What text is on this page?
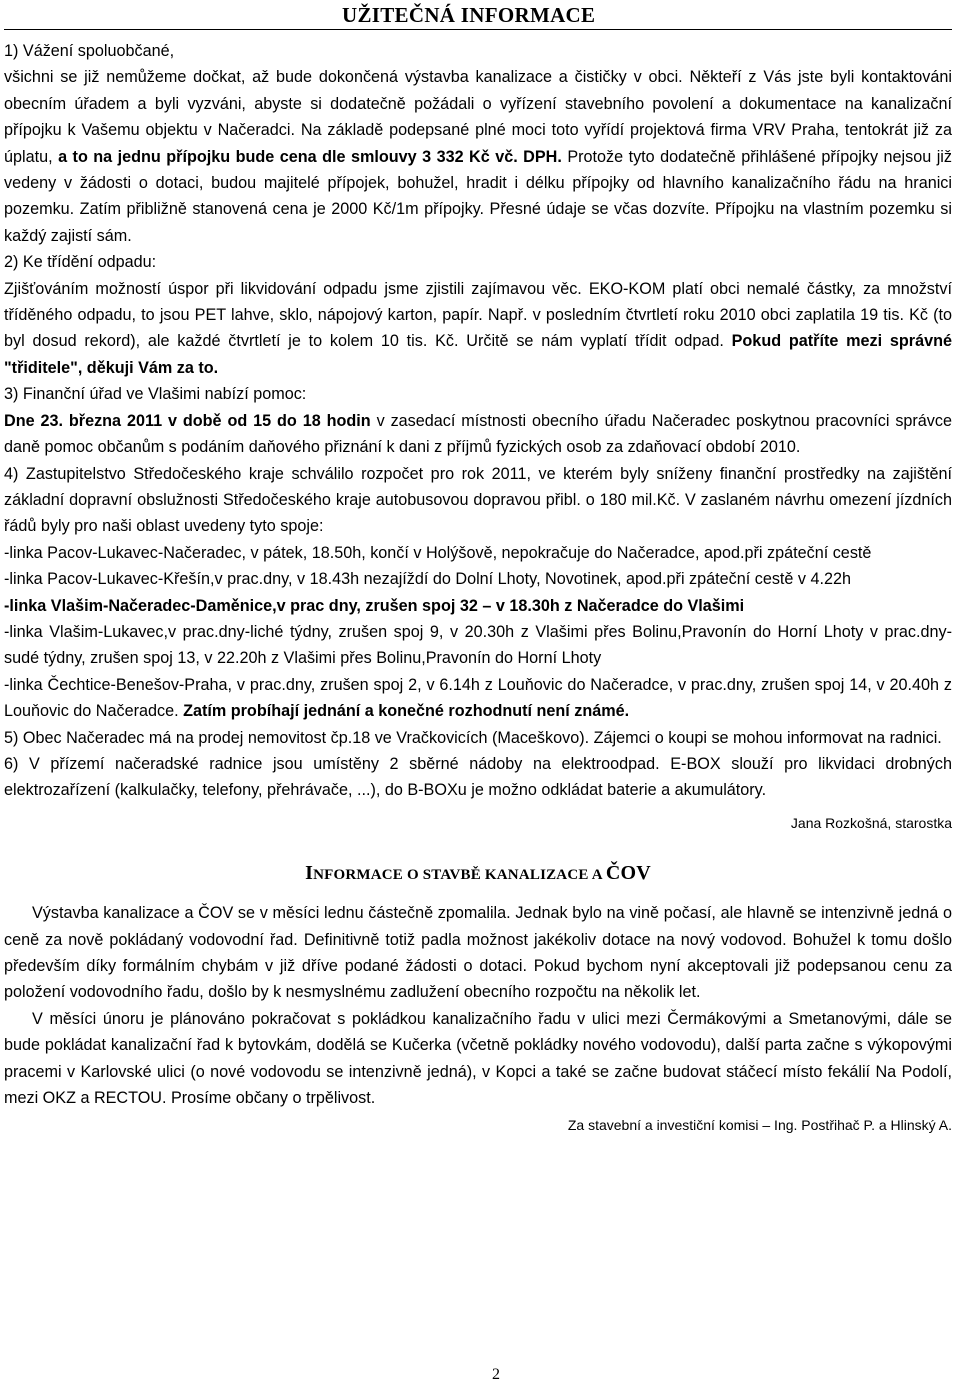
UŽITEČNÁ INFORMACE

1) Vážení spoluobčané,

všichni se již nemůžeme dočkat, až bude dokončená výstavba kanalizace a čističky v obci. Někteří z Vás jste byli kontaktováni obecním úřadem a byli vyzváni, abyste si dodatečně požádali o vyřízení stavebního povolení a dokumentace na kanalizační přípojku k Vašemu objektu v Načeradci. Na základě podepsané plné moci toto vyřídí projektová firma VRV Praha, tentokrát již za úplatu, a to na jednu přípojku bude cena dle smlouvy 3 332 Kč vč. DPH. Protože tyto dodatečně přihlášené přípojky nejsou již vedeny v žádosti o dotaci, budou majitelé přípojek, bohužel, hradit i délku přípojky od hlavního kanalizačního řádu na hranici pozemku. Zatím přibližně stanovená cena je 2000 Kč/1m přípojky. Přesné údaje se včas dozvíte. Přípojku na vlastním pozemku si každý zajistí sám.

2) Ke třídění odpadu:

Zjišťováním možností úspor při likvidování odpadu jsme zjistili zajímavou věc. EKO-KOM platí obci nemalé částky, za množství tříděného odpadu, to jsou PET lahve, sklo, nápojový karton, papír. Např. v posledním čtvrtletí roku 2010 obci zaplatila 19 tis. Kč (to byl dosud rekord), ale každé čtvrtletí je to kolem 10 tis. Kč. Určitě se nám vyplatí třídit odpad. Pokud patříte mezi správné "třiditele", děkuji Vám za to.

3) Finanční úřad ve Vlašimi nabízí pomoc:

Dne 23. března 2011 v době od 15 do 18 hodin v zasedací místnosti obecního úřadu Načeradec poskytnou pracovníci správce daně pomoc občanům s podáním daňového přiznání k dani z příjmů fyzických osob za zdaňovací období 2010.

4) Zastupitelstvo Středočeského kraje schválilo rozpočet pro rok 2011, ve kterém byly sníženy finanční prostředky na zajištění základní dopravní obslužnosti Středočeského kraje autobusovou dopravou přibl. o 180 mil.Kč. V zaslaném návrhu omezení jízdních řádů byly pro naši oblast uvedeny tyto spoje:

-linka Pacov-Lukavec-Načeradec, v pátek, 18.50h, končí v Holýšově, nepokračuje do Načeradce, apod.při zpáteční cestě

-linka Pacov-Lukavec-Křešín,v prac.dny, v 18.43h nezajíždí do Dolní Lhoty, Novotinek, apod.při zpáteční cestě v 4.22h

-linka Vlašim-Načeradec-Daměnice,v prac dny, zrušen spoj 32 – v 18.30h z Načeradce do Vlašimi

-linka Vlašim-Lukavec,v prac.dny-liché týdny, zrušen spoj 9, v 20.30h z Vlašimi přes Bolinu,Pravonín do Horní Lhoty v prac.dny-sudé týdny, zrušen spoj 13, v 22.20h z Vlašimi přes Bolinu,Pravonín do Horní Lhoty

-linka Čechtice-Benešov-Praha, v prac.dny, zrušen spoj 2, v 6.14h z Louňovic do Načeradce, v prac.dny, zrušen spoj 14, v 20.40h z Louňovic do Načeradce. Zatím probíhají jednání a konečné rozhodnutí není známé.

5) Obec Načeradec má na prodej nemovitost čp.18 ve Vračkovicích (Maceškovo). Zájemci o koupi se mohou informovat na radnici.

6) V přízemí načeradské radnice jsou umístěny 2 sběrné nádoby na elektroodpad. E-BOX slouží pro likvidaci drobných elektrozařízení (kalkulačky, telefony, přehrávače, ...), do B-BOXu je možno odkládat baterie a akumulátory.

Jana Rozkošná, starostka
INFORMACE O STAVBĚ KANALIZACE A ČOV

Výstavba kanalizace a ČOV se v měsíci lednu částečně zpomalila. Jednak bylo na vině počasí, ale hlavně se intenzivně jedná o ceně za nově pokládaný vodovodní řad. Definitivně totiž padla možnost jakékoliv dotace na nový vodovod. Bohužel k tomu došlo především díky formálním chybám v již dříve podané žádosti o dotaci. Pokud bychom nyní akceptovali již podepsanou cenu za položení vodovodního řadu, došlo by k nesmyslnému zadlužení obecního rozpočtu na několik let.

V měsíci únoru je plánováno pokračovat s pokládkou kanalizačního řadu v ulici mezi Čermákovými a Smetanovými, dále se bude pokládat kanalizační řad k bytovkám, dodělá se Kučerka (včetně pokládky nového vodovodu), další parta začne s výkopovými pracemi v Karlovské ulici (o nové vodovodu se intenzivně jedná), v Kopci a také se začne budovat stáčecí místo fekálií Na Podolí, mezi OKZ a RECTOU. Prosíme občany o trpělivost.

Za stavební a investiční komisi – Ing. Postřihač P. a Hlinský A.
2
